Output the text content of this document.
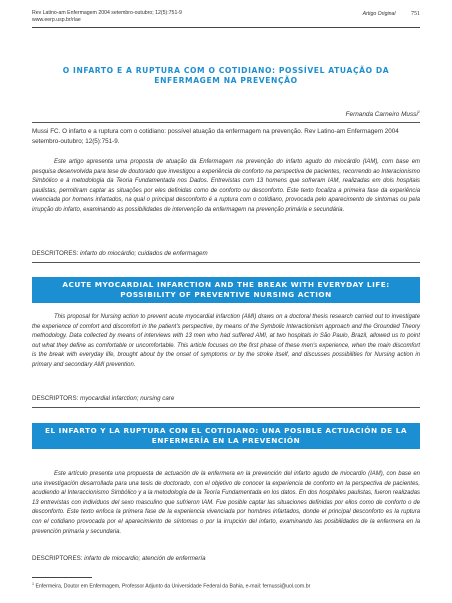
Rev Latino-am Enfermagem 2004 setembro-outubro; 12(5):751-9
www.eerp.usp.br/rlae
Artigo Original	751
O INFARTO E A RUPTURA COM O COTIDIANO: POSSÍVEL ATUAÇÃO DA ENFERMAGEM NA PREVENÇÃO
Fernanda Carneiro Mussi$^1$
Mussi FC. O infarto e a ruptura com o cotidiano: possível atuação da enfermagem na prevenção. Rev Latino-am Enfermagem 2004 setembro-outubro; 12(5):751-9.

Este artigo apresenta uma proposta de atuação da Enfermagem na prevenção do infarto agudo do miocárdio (IAM), com base em pesquisa desenvolvida para tese de doutorado que investigou a experiência de conforto na perspectiva de pacientes, recorrendo ao Interacionismo Simbólico e à metodologia da Teoria Fundamentada nos Dados. Entrevistas com 13 homens que sofreram IAM, realizadas em dois hospitais paulistas, permitiram captar as situações por eles definidas como de conforto ou desconforto. Este texto focaliza a primeira fase da experiência vivenciada por homens infartados, na qual o principal desconforto é a ruptura com o cotidiano, provocada pelo aparecimento de sintomas ou pela irrupção do infarto, examinando as possibilidades de intervenção da enfermagem na prevenção primária e secundária.

DESCRITORES: infarto do miocárdio; cuidados de enfermagem
ACUTE MYOCARDIAL INFARCTION AND THE BREAK WITH EVERYDAY LIFE: POSSIBILITY OF PREVENTIVE NURSING ACTION

This proposal for Nursing action to prevent acute myocardial infarction (AMI) draws on a doctoral thesis research carried out to investigate the experience of comfort and discomfort in the patient's perspective, by means of the Symbolic Interactionism approach and the Grounded Theory methodology. Data collected by means of interviews with 13 men who had suffered AMI, at two hospitals in São Paulo, Brazil, allowed us to point out what they define as comfortable or uncomfortable. This article focuses on the first phase of these men's experience, when the main discomfort is the break with everyday life, brought about by the onset of symptoms or by the stroke itself, and discusses possibilities for Nursing action in primary and secondary AMI prevention.

DESCRIPTORS: myocardial infarction; nursing care
EL INFARTO Y LA RUPTURA CON EL COTIDIANO: UNA POSIBLE ACTUACIÓN DE LA ENFERMERÍA EN LA PREVENCIÓN

Este artículo presenta una propuesta de actuación de la enfermera en la prevención del infarto agudo de miocardio (IAM), con base en una investigación desarrollada para una tesis de doctorado, con el objetivo de conocer la experiencia de conforto en la perspectiva de pacientes, acudiendo al Interaccionismo Simbólico y a la metodología de la Teoría Fundamentada en los datos. En dos hospitales paulistas, fueron realizadas 13 entrevistas con individuos del sexo masculino que sufrieron IAM. Fue posible captar las situaciones definidas por ellos como de conforto o de desconforto. Este texto enfoca la primera fase de la experiencia vivenciada por hombres infartados, donde el principal desconforto es la ruptura con el cotidiano provocada por el aparecimiento de síntomas o por la irrupción del infarto, examinando las posibilidades de la enfermera en la prevención primaria y secundaria.

DESCRIPTORES: infarto de miocardio; atención de enfermería
$^1$ Enfermeira, Doutor em Enfermagem, Professor Adjunto da Universidade Federal da Bahia, e-mail: fernussi@uol.com.br
